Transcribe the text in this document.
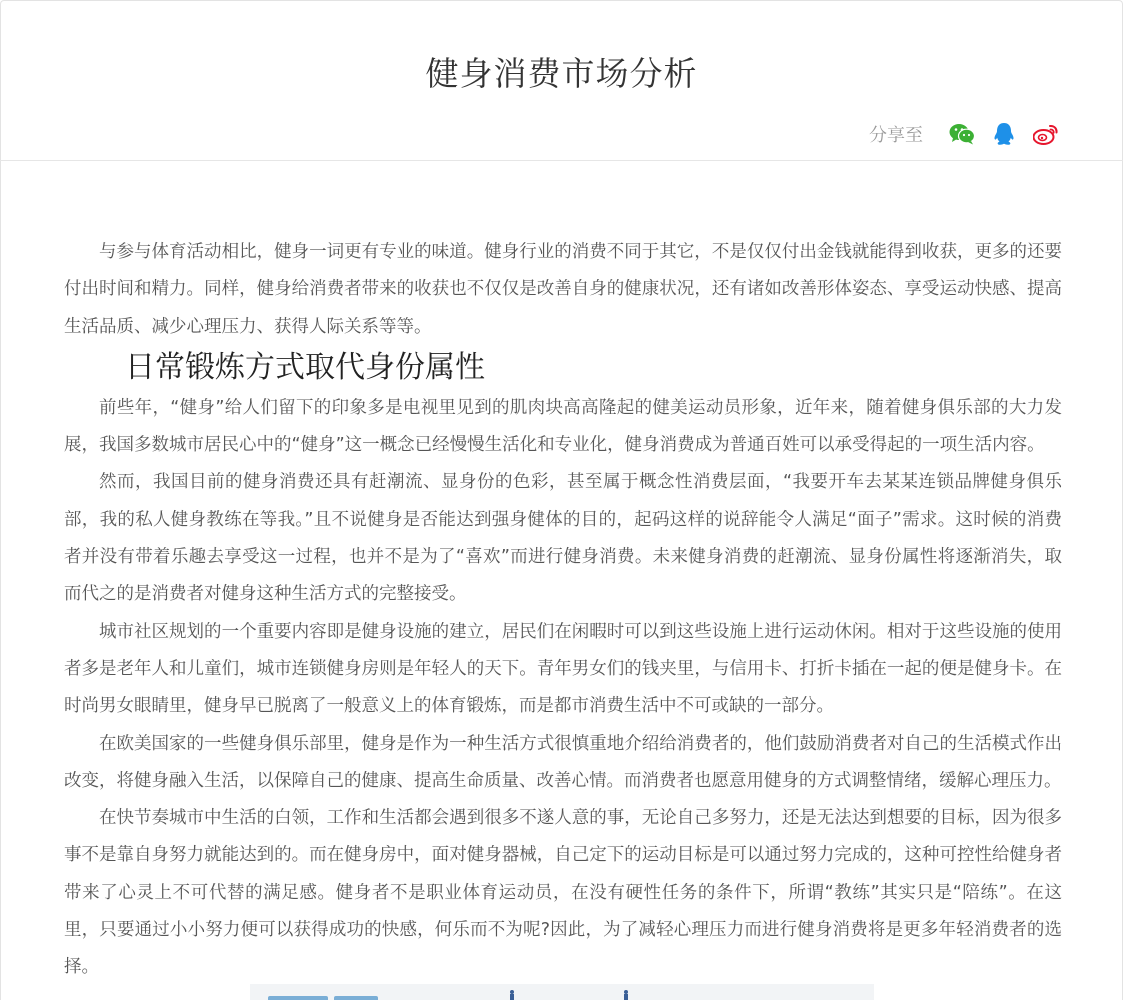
健身消费市场分析
分享至

与参与体育活动相比，健身一词更有专业的味道。健身行业的消费不同于其它，不是仅仅付出金钱就能得到收获，更多的还要付出时间和精力。同样，健身给消费者带来的收获也不仅仅是改善自身的健康状况，还有诸如改善形体姿态、享受运动快感、提高生活品质、减少心理压力、获得人际关系等等。

日常锻炼方式取代身份属性

前些年，“健身”给人们留下的印象多是电视里见到的肌肉块高高隆起的健美运动员形象，近年来，随着健身俱乐部的大力发展，我国多数城市居民心中的“健身”这一概念已经慢慢生活化和专业化，健身消费成为普通百姓可以承受得起的一项生活内容。

然而，我国目前的健身消费还具有赶潮流、显身份的色彩，甚至属于概念性消费层面，“我要开车去某某连锁品牌健身俱乐部，我的私人健身教练在等我。”且不说健身是否能达到强身健体的目的，起码这样的说辞能令人满足“面子”需求。这时候的消费者并没有带着乐趣去享受这一过程，也并不是为了“喜欢”而进行健身消费。未来健身消费的赶潮流、显身份属性将逐渐消失，取而代之的是消费者对健身这种生活方式的完整接受。

城市社区规划的一个重要内容即是健身设施的建立，居民们在闲暇时可以到这些设施上进行运动休闲。相对于这些设施的使用者多是老年人和儿童们，城市连锁健身房则是年轻人的天下。青年男女们的钱夹里，与信用卡、打折卡插在一起的便是健身卡。在时尚男女眼睛里，健身早已脱离了一般意义上的体育锻炼，而是都市消费生活中不可或缺的一部分。

在欧美国家的一些健身俱乐部里，健身是作为一种生活方式很慎重地介绍给消费者的，他们鼓励消费者对自己的生活模式作出改变，将健身融入生活，以保障自己的健康、提高生命质量、改善心情。而消费者也愿意用健身的方式调整情绪，缓解心理压力。

在快节奏城市中生活的白领，工作和生活都会遇到很多不遂人意的事，无论自己多努力，还是无法达到想要的目标，因为很多事不是靠自身努力就能达到的。而在健身房中，面对健身器械，自己定下的运动目标是可以通过努力完成的，这种可控性给健身者带来了心灵上不可代替的满足感。健身者不是职业体育运动员，在没有硬性任务的条件下，所谓“教练”其实只是“陪练”。在这里，只要通过小小努力便可以获得成功的快感，何乐而不为呢?因此，为了减轻心理压力而进行健身消费将是更多年轻消费者的选择。
